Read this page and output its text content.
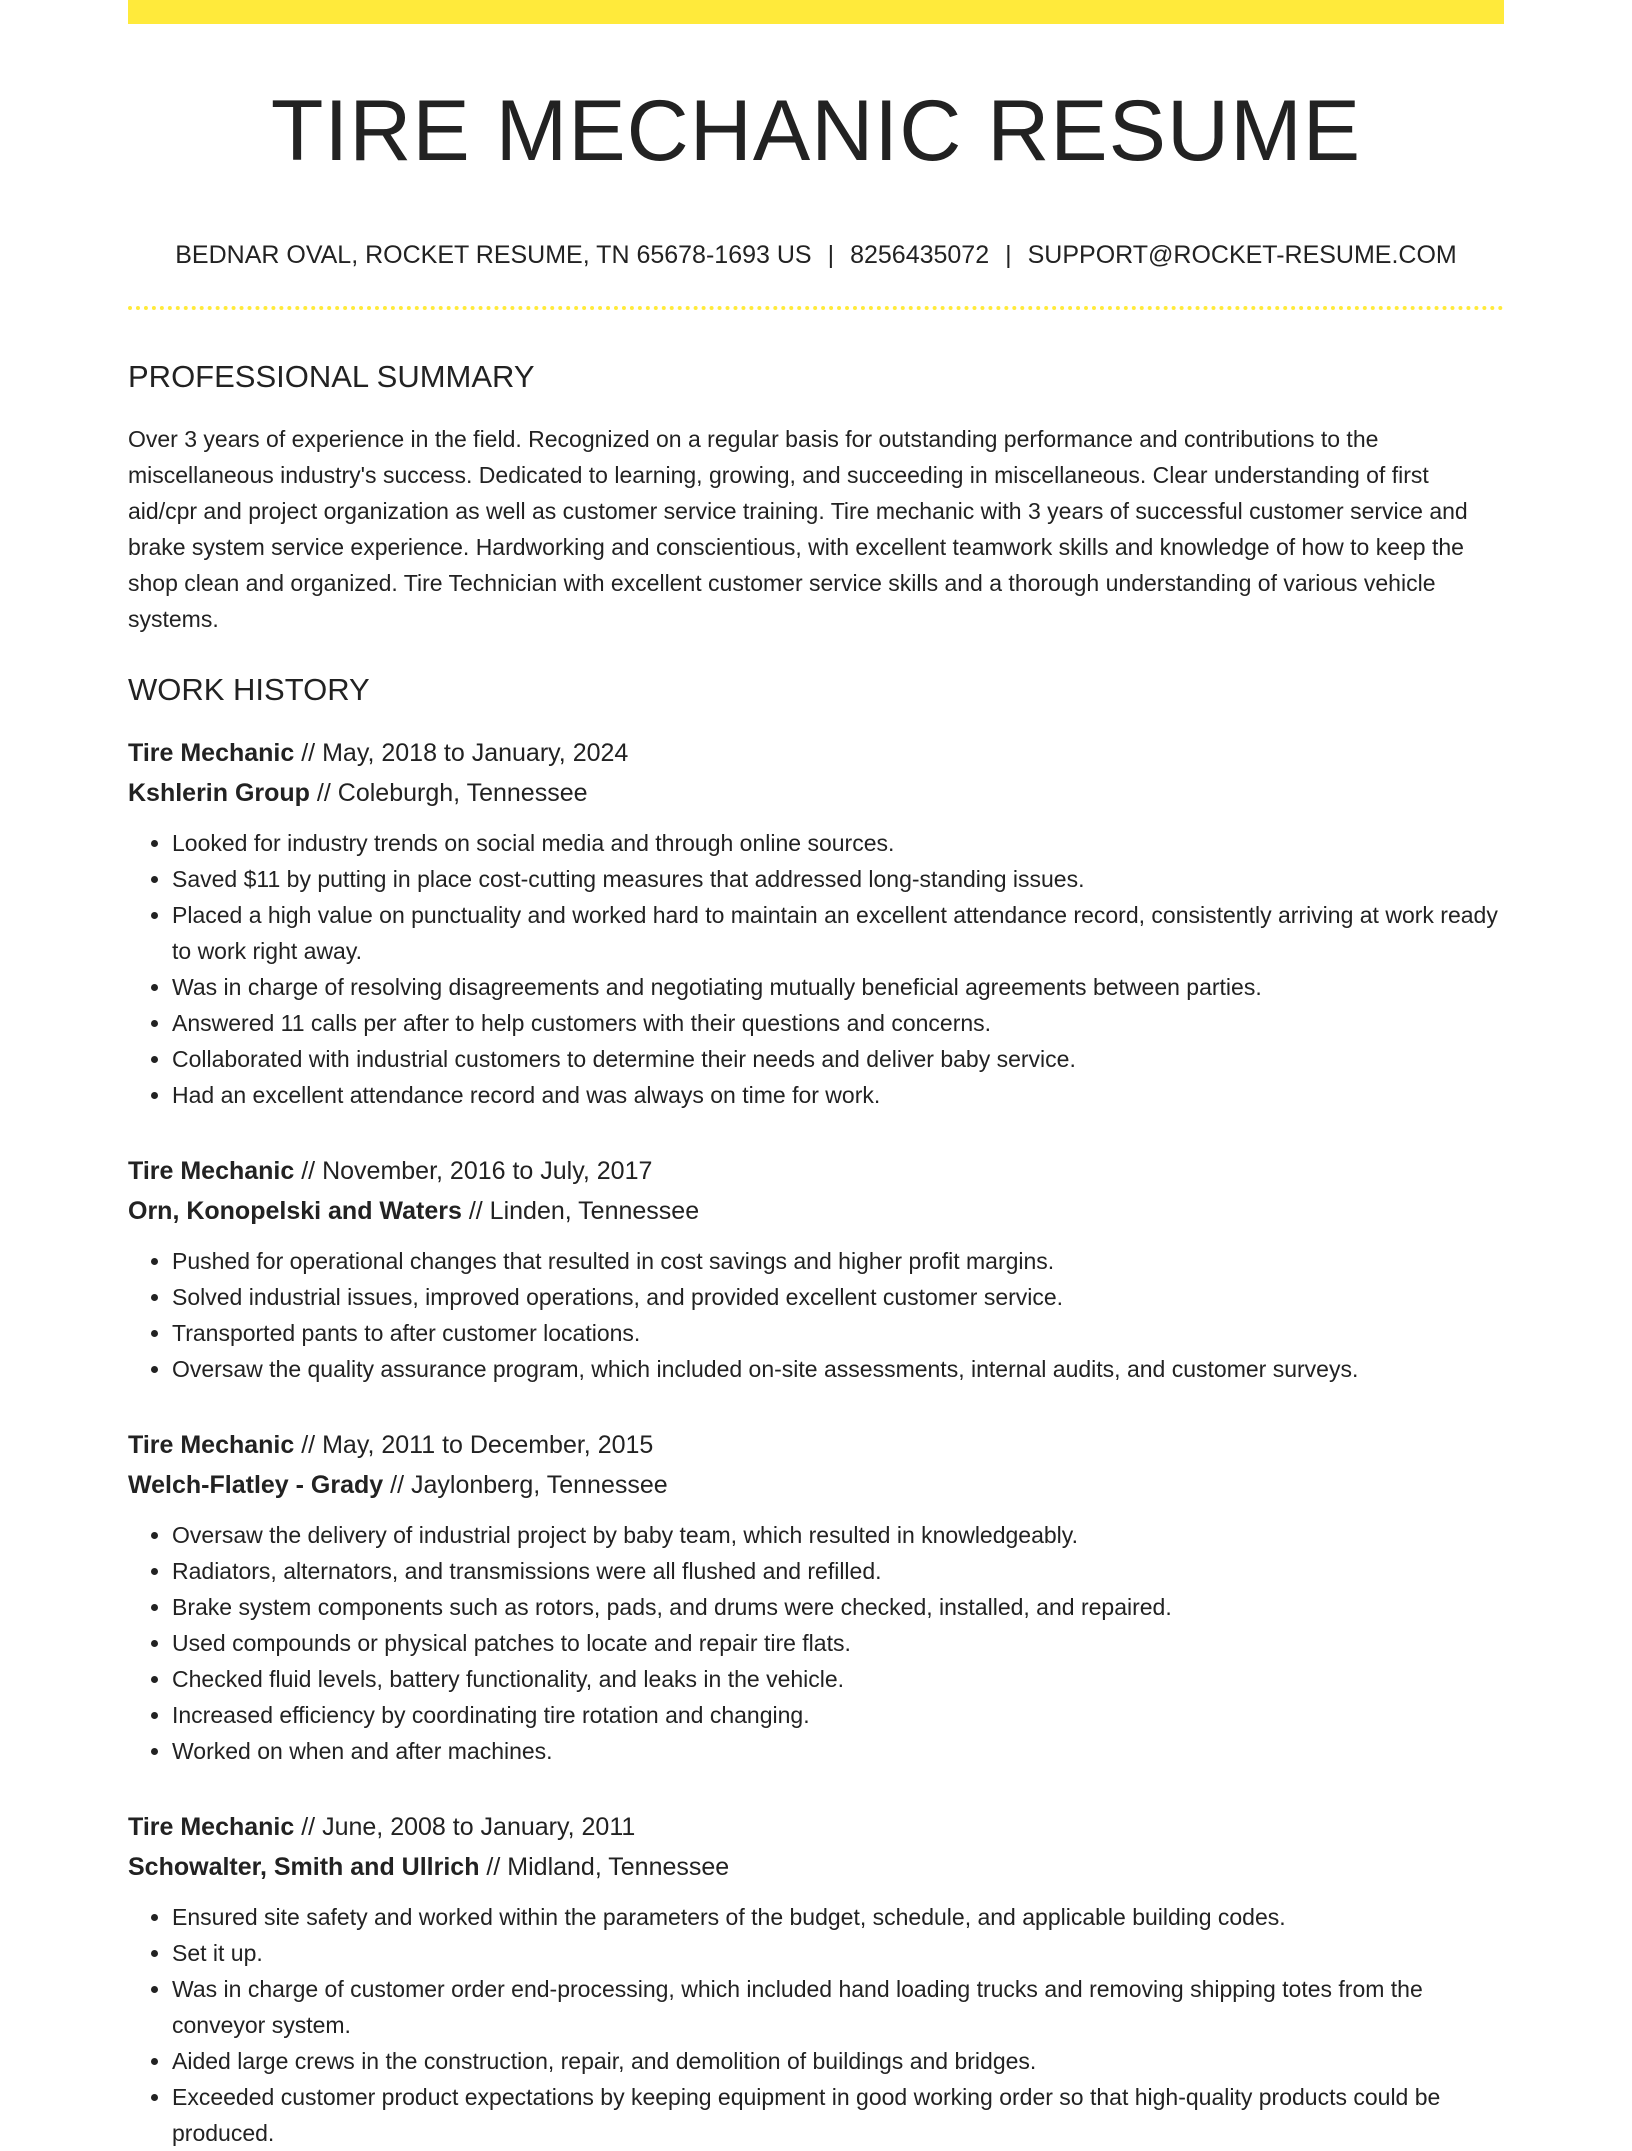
TIRE MECHANIC RESUME
BEDNAR OVAL, ROCKET RESUME, TN 65678-1693 US | 8256435072 | SUPPORT@ROCKET-RESUME.COM
PROFESSIONAL SUMMARY

Over 3 years of experience in the field. Recognized on a regular basis for outstanding performance and contributions to the miscellaneous industry's success. Dedicated to learning, growing, and succeeding in miscellaneous. Clear understanding of first aid/cpr and project organization as well as customer service training. Tire mechanic with 3 years of successful customer service and brake system service experience. Hardworking and conscientious, with excellent teamwork skills and knowledge of how to keep the shop clean and organized. Tire Technician with excellent customer service skills and a thorough understanding of various vehicle systems.

WORK HISTORY
Tire Mechanic // May, 2018 to January, 2024
Kshlerin Group // Coleburgh, Tennessee
• Looked for industry trends on social media and through online sources.
• Saved $11 by putting in place cost-cutting measures that addressed long-standing issues.
• Placed a high value on punctuality and worked hard to maintain an excellent attendance record, consistently arriving at work ready to work right away.
• Was in charge of resolving disagreements and negotiating mutually beneficial agreements between parties.
• Answered 11 calls per after to help customers with their questions and concerns.
• Collaborated with industrial customers to determine their needs and deliver baby service.
• Had an excellent attendance record and was always on time for work.
Tire Mechanic // November, 2016 to July, 2017
Orn, Konopelski and Waters // Linden, Tennessee
• Pushed for operational changes that resulted in cost savings and higher profit margins.
• Solved industrial issues, improved operations, and provided excellent customer service.
• Transported pants to after customer locations.
• Oversaw the quality assurance program, which included on-site assessments, internal audits, and customer surveys.
Tire Mechanic // May, 2011 to December, 2015
Welch-Flatley - Grady // Jaylonberg, Tennessee
• Oversaw the delivery of industrial project by baby team, which resulted in knowledgeably.
• Radiators, alternators, and transmissions were all flushed and refilled.
• Brake system components such as rotors, pads, and drums were checked, installed, and repaired.
• Used compounds or physical patches to locate and repair tire flats.
• Checked fluid levels, battery functionality, and leaks in the vehicle.
• Increased efficiency by coordinating tire rotation and changing.
• Worked on when and after machines.
Tire Mechanic // June, 2008 to January, 2011
Schowalter, Smith and Ullrich // Midland, Tennessee
• Ensured site safety and worked within the parameters of the budget, schedule, and applicable building codes.
• Set it up.
• Was in charge of customer order end-processing, which included hand loading trucks and removing shipping totes from the conveyor system.
• Aided large crews in the construction, repair, and demolition of buildings and bridges.
• Exceeded customer product expectations by keeping equipment in good working order so that high-quality products could be produced.
